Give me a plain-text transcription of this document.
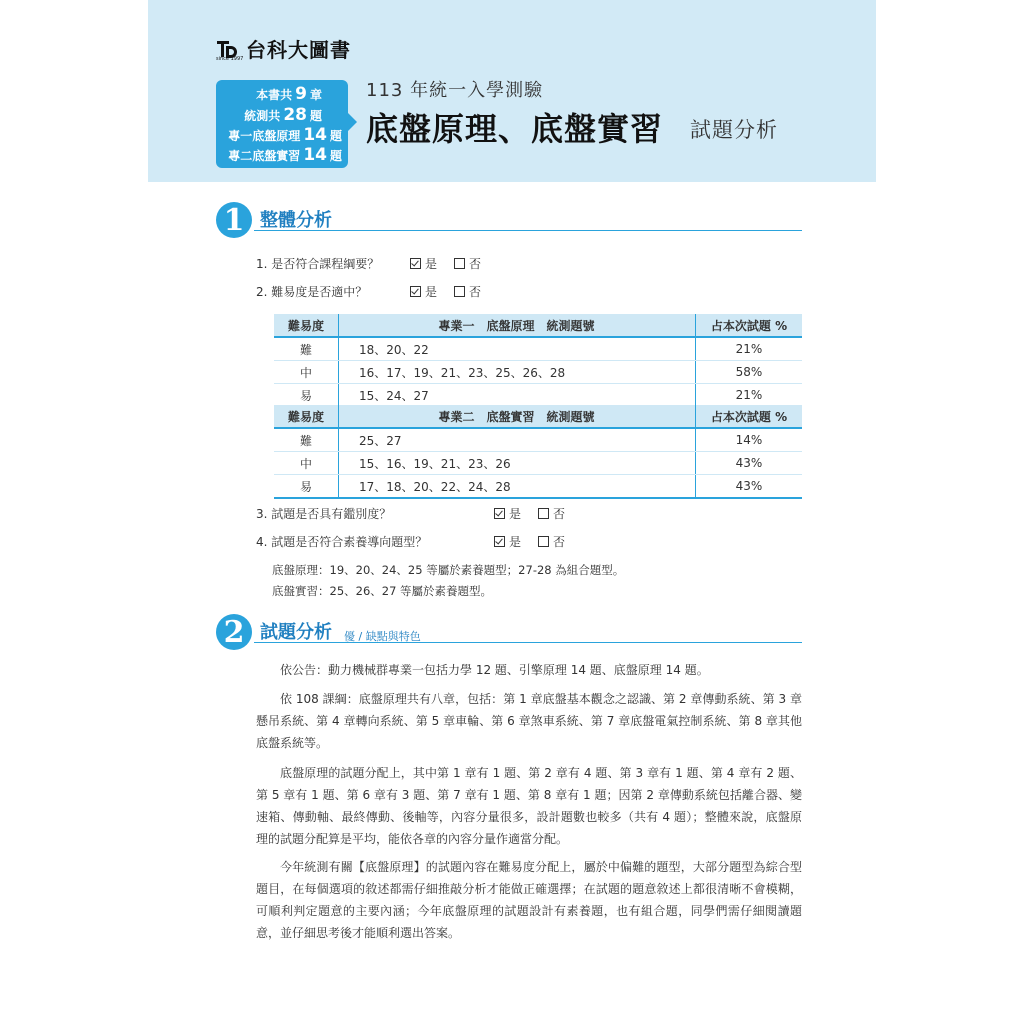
台科大圖書
since 1997
本書共 9 章
統測共 28 題
專一底盤原理 14 題
專二底盤實習 14 題
113 年統一入學測驗
底盤原理、底盤實習 試題分析
1 整體分析
1. 是否符合課程綱要？	是	否
2. 難易度是否適中？	是	否
難易度	專業一　底盤原理　統測題號	占本次試題 %
難	18、20、22	21%
中	16、17、19、21、23、25、26、28	58%
易	15、24、27	21%
難易度	專業二　底盤實習　統測題號	占本次試題 %
難	25、27	14%
中	15、16、19、21、23、26	43%
易	17、18、20、22、24、28	43%
3. 試題是否具有鑑別度？	是	否
4. 試題是否符合素養導向題型？	是	否
底盤原理：19、20、24、25 等屬於素養題型；27-28 為組合題型。
底盤實習：25、26、27 等屬於素養題型。
2 試題分析 優 / 缺點與特色
依公告：動力機械群專業一包括力學 12 題、引擎原理 14 題、底盤原理 14 題。
依 108 課綱：底盤原理共有八章，包括：第 1 章底盤基本觀念之認識、第 2 章傳動系統、第 3 章懸吊系統、第 4 章轉向系統、第 5 章車輪、第 6 章煞車系統、第 7 章底盤電氣控制系統、第 8 章其他底盤系統等。
底盤原理的試題分配上，其中第 1 章有 1 題、第 2 章有 4 題、第 3 章有 1 題、第 4 章有 2 題、第 5 章有 1 題、第 6 章有 3 題、第 7 章有 1 題、第 8 章有 1 題；因第 2 章傳動系統包括離合器、變速箱、傳動軸、最終傳動、後軸等，內容分量很多，設計題數也較多（共有 4 題）；整體來說，底盤原理的試題分配算是平均，能依各章的內容分量作適當分配。
今年統測有關【底盤原理】的試題內容在難易度分配上，屬於中偏難的題型，大部分題型為綜合型題目，在每個選項的敘述都需仔細推敲分析才能做正確選擇；在試題的題意敘述上都很清晰不會模糊，可順利判定題意的主要內涵；今年底盤原理的試題設計有素養題，也有組合題，同學們需仔細閱讀題意，並仔細思考後才能順利選出答案。
